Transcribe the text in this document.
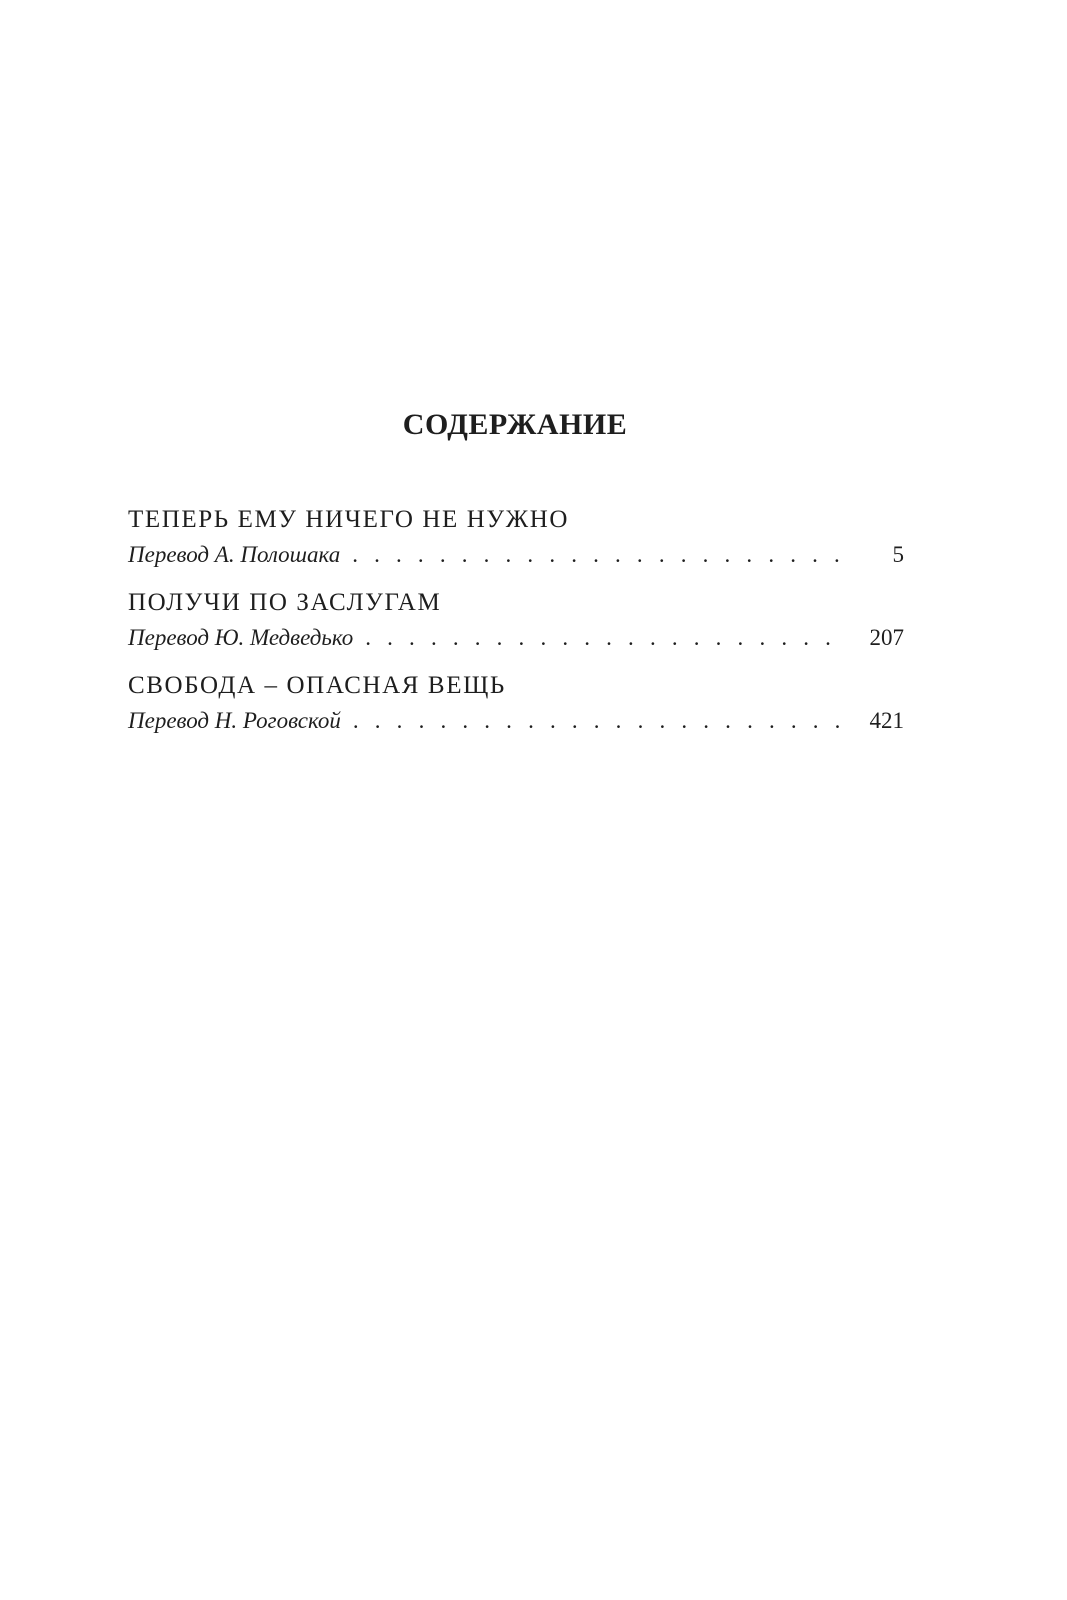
СОДЕРЖАНИЕ
ТЕПЕРЬ ЕМУ НИЧЕГО НЕ НУЖНО
Перевод А. Полошака . . .	5
ПОЛУЧИ ПО ЗАСЛУГАМ
Перевод Ю. Медведько . . .	207
СВОБОДА – ОПАСНАЯ ВЕЩЬ
Перевод Н. Роговской . . .	421
